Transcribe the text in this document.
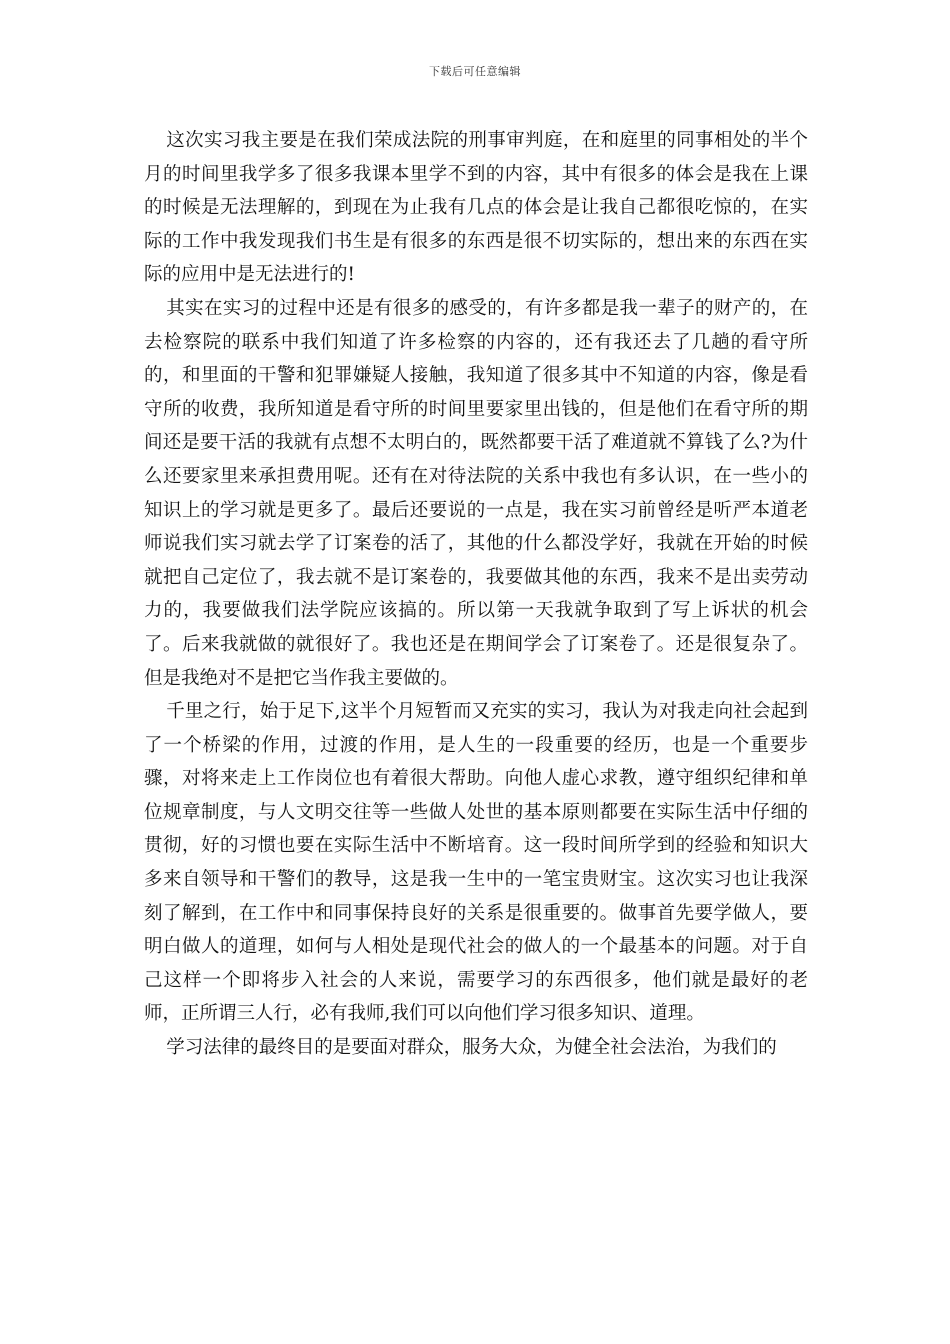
下载后可任意编辑

这次实习我主要是在我们荣成法院的刑事审判庭，在和庭里的同事相处的半个月的时间里我学多了很多我课本里学不到的内容，其中有很多的体会是我在上课的时候是无法理解的，到现在为止我有几点的体会是让我自己都很吃惊的，在实际的工作中我发现我们书生是有很多的东西是很不切实际的，想出来的东西在实际的应用中是无法进行的!

其实在实习的过程中还是有很多的感受的，有许多都是我一辈子的财产的，在去检察院的联系中我们知道了许多检察的内容的，还有我还去了几趟的看守所的，和里面的干警和犯罪嫌疑人接触，我知道了很多其中不知道的内容，像是看守所的收费，我所知道是看守所的时间里要家里出钱的，但是他们在看守所的期间还是要干活的我就有点想不太明白的，既然都要干活了难道就不算钱了么?为什么还要家里来承担费用呢。还有在对待法院的关系中我也有多认识，在一些小的知识上的学习就是更多了。最后还要说的一点是，我在实习前曾经是听严本道老师说我们实习就去学了订案卷的活了，其他的什么都没学好，我就在开始的时候就把自己定位了，我去就不是订案卷的，我要做其他的东西，我来不是出卖劳动力的，我要做我们法学院应该搞的。所以第一天我就争取到了写上诉状的机会了。后来我就做的就很好了。我也还是在期间学会了订案卷了。还是很复杂了。但是我绝对不是把它当作我主要做的。

千里之行，始于足下,这半个月短暂而又充实的实习，我认为对我走向社会起到了一个桥梁的作用，过渡的作用，是人生的一段重要的经历，也是一个重要步骤，对将来走上工作岗位也有着很大帮助。向他人虚心求教，遵守组织纪律和单位规章制度，与人文明交往等一些做人处世的基本原则都要在实际生活中仔细的贯彻，好的习惯也要在实际生活中不断培育。这一段时间所学到的经验和知识大多来自领导和干警们的教导，这是我一生中的一笔宝贵财宝。这次实习也让我深刻了解到，在工作中和同事保持良好的关系是很重要的。做事首先要学做人，要明白做人的道理，如何与人相处是现代社会的做人的一个最基本的问题。对于自己这样一个即将步入社会的人来说，需要学习的东西很多，他们就是最好的老师，正所谓三人行，必有我师,我们可以向他们学习很多知识、道理。

学习法律的最终目的是要面对群众，服务大众，为健全社会法治，为我们的
